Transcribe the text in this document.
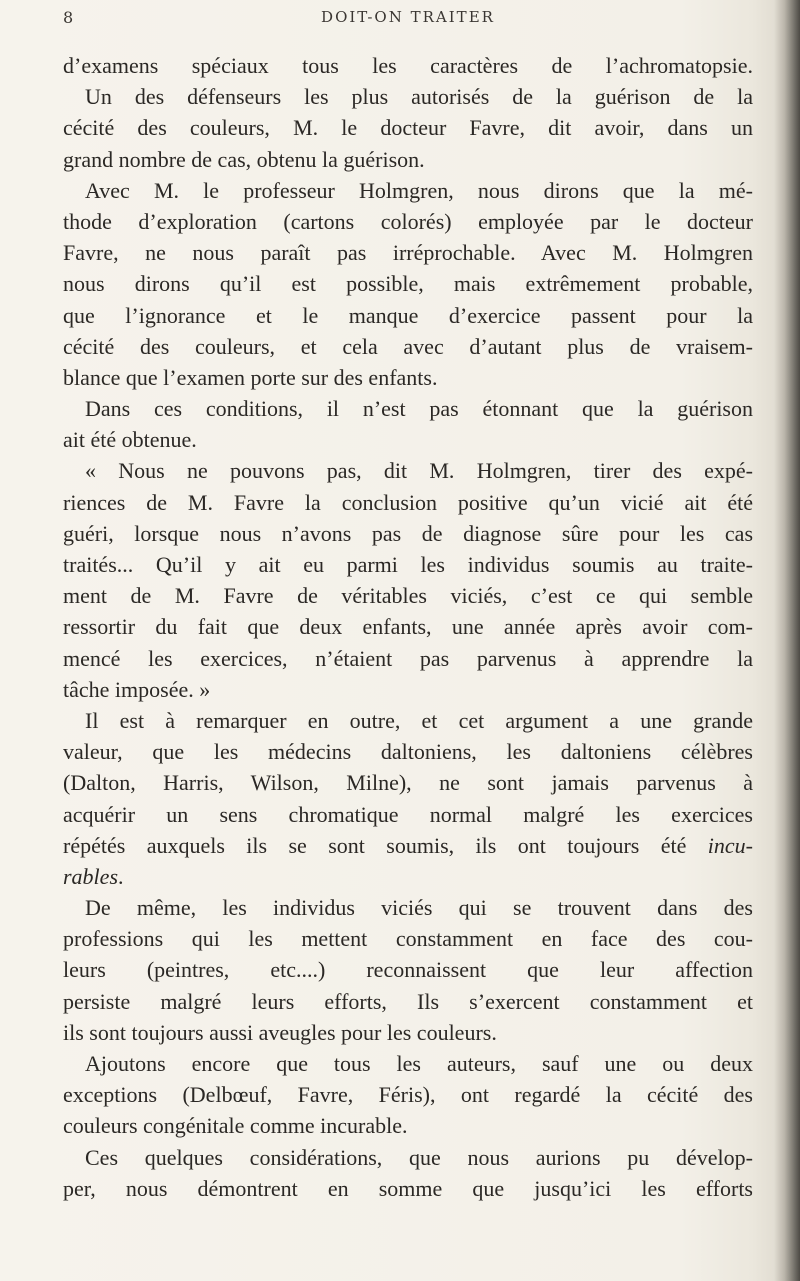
8	DOIT-ON TRAITER
d’examens spéciaux tous les caractères de l’achromatopsie.
Un des défenseurs les plus autorisés de la guérison de la
cécité des couleurs, M. le docteur Favre, dit avoir, dans un
grand nombre de cas, obtenu la guérison.
Avec M. le professeur Holmgren, nous dirons que la mé-
thode d’exploration (cartons colorés) employée par le docteur
Favre, ne nous paraît pas irréprochable. Avec M. Holmgren
nous dirons qu’il est possible, mais extrêmement probable,
que l’ignorance et le manque d’exercice passent pour la
cécité des couleurs, et cela avec d’autant plus de vraisem-
blance que l’examen porte sur des enfants.
Dans ces conditions, il n’est pas étonnant que la guérison
ait été obtenue.
« Nous ne pouvons pas, dit M. Holmgren, tirer des expé-
riences de M. Favre la conclusion positive qu’un vicié ait été
guéri, lorsque nous n’avons pas de diagnose sûre pour les cas
traités... Qu’il y ait eu parmi les individus soumis au traite-
ment de M. Favre de véritables viciés, c’est ce qui semble
ressortir du fait que deux enfants, une année après avoir com-
mencé les exercices, n’étaient pas parvenus à apprendre la
tâche imposée. »
Il est à remarquer en outre, et cet argument a une grande
valeur, que les médecins daltoniens, les daltoniens célèbres
(Dalton, Harris, Wilson, Milne), ne sont jamais parvenus à
acquérir un sens chromatique normal malgré les exercices
répétés auxquels ils se sont soumis, ils ont toujours été incu-
rables.
De même, les individus viciés qui se trouvent dans des
professions qui les mettent constamment en face des cou-
leurs (peintres, etc....) reconnaissent que leur affection
persiste malgré leurs efforts, Ils s’exercent constamment et
ils sont toujours aussi aveugles pour les couleurs.
Ajoutons encore que tous les auteurs, sauf une ou deux
exceptions (Delbœuf, Favre, Féris), ont regardé la cécité des
couleurs congénitale comme incurable.
Ces quelques considérations, que nous aurions pu dévelop-
per, nous démontrent en somme que jusqu’ici les efforts
